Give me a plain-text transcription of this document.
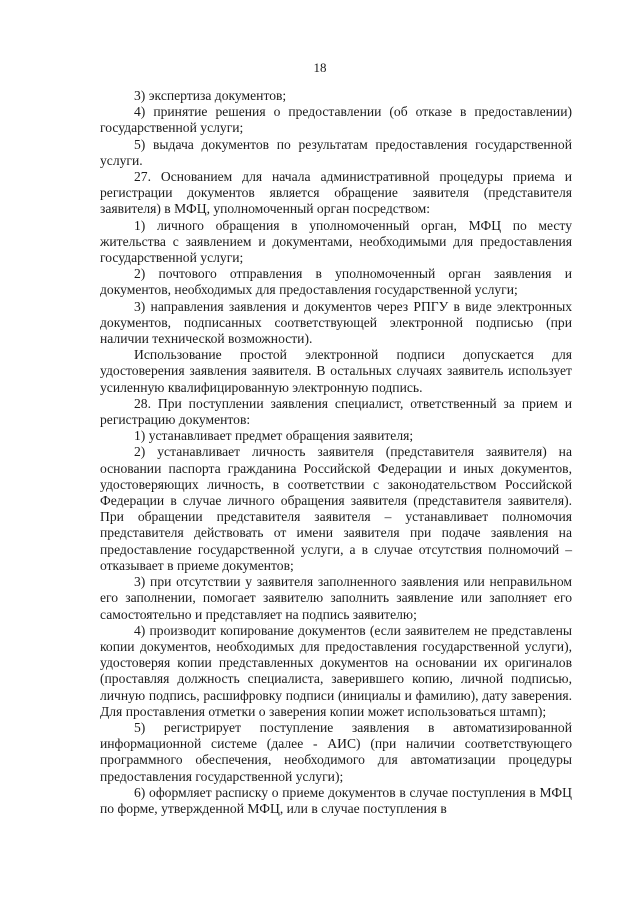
18

3) экспертиза документов;

4) принятие решения о предоставлении (об отказе в предоставлении) государственной услуги;

5) выдача документов по результатам предоставления государственной услуги.

27. Основанием для начала административной процедуры приема и регистрации документов является обращение заявителя (представителя заявителя) в МФЦ, уполномоченный орган посредством:

1) личного обращения в уполномоченный орган, МФЦ по месту жительства с заявлением и документами, необходимыми для предоставления государственной услуги;

2) почтового отправления в уполномоченный орган заявления и документов, необходимых для предоставления государственной услуги;

3) направления заявления и документов через РПГУ в виде электронных документов, подписанных соответствующей электронной подписью (при наличии технической возможности).

Использование простой электронной подписи допускается для удостоверения заявления заявителя. В остальных случаях заявитель использует усиленную квалифицированную электронную подпись.

28. При поступлении заявления специалист, ответственный за прием и регистрацию документов:

1) устанавливает предмет обращения заявителя;

2) устанавливает личность заявителя (представителя заявителя) на основании паспорта гражданина Российской Федерации и иных документов, удостоверяющих личность, в соответствии с законодательством Российской Федерации в случае личного обращения заявителя (представителя заявителя). При обращении представителя заявителя – устанавливает полномочия представителя действовать от имени заявителя при подаче заявления на предоставление государственной услуги, а в случае отсутствия полномочий – отказывает в приеме документов;

3) при отсутствии у заявителя заполненного заявления или неправильном его заполнении, помогает заявителю заполнить заявление или заполняет его самостоятельно и представляет на подпись заявителю;

4) производит копирование документов (если заявителем не представлены копии документов, необходимых для предоставления государственной услуги), удостоверяя копии представленных документов на основании их оригиналов (проставляя должность специалиста, заверившего копию, личной подписью, личную подпись, расшифровку подписи (инициалы и фамилию), дату заверения. Для проставления отметки о заверения копии может использоваться штамп);

5) регистрирует поступление заявления в автоматизированной информационной системе (далее - АИС) (при наличии соответствующего программного обеспечения, необходимого для автоматизации процедуры предоставления государственной услуги);

6) оформляет расписку о приеме документов в случае поступления в МФЦ по форме, утвержденной МФЦ, или в случае поступления в
